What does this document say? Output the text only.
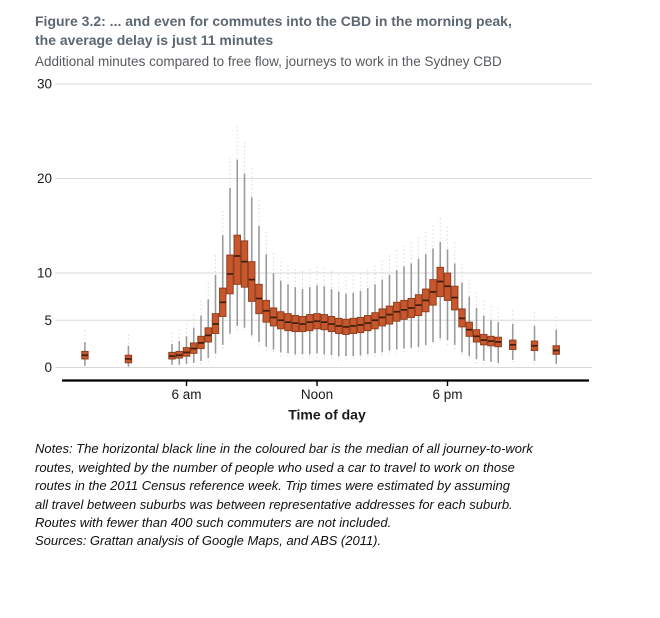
Figure 3.2: ... and even for commutes into the CBD in the morning peak,
the average delay is just 11 minutes
Additional minutes compared to free flow, journeys to work in the Sydney CBD
0
5
10
20
30
6 am	Noon	6 pm
Time of day
Notes: The horizontal black line in the coloured bar is the median of all journey-to-work
routes, weighted by the number of people who used a car to travel to work on those
routes in the 2011 Census reference week. Trip times were estimated by assuming
all travel between suburbs was between representative addresses for each suburb.
Routes with fewer than 400 such commuters are not included.
Sources: Grattan analysis of Google Maps, and ABS (2011).
